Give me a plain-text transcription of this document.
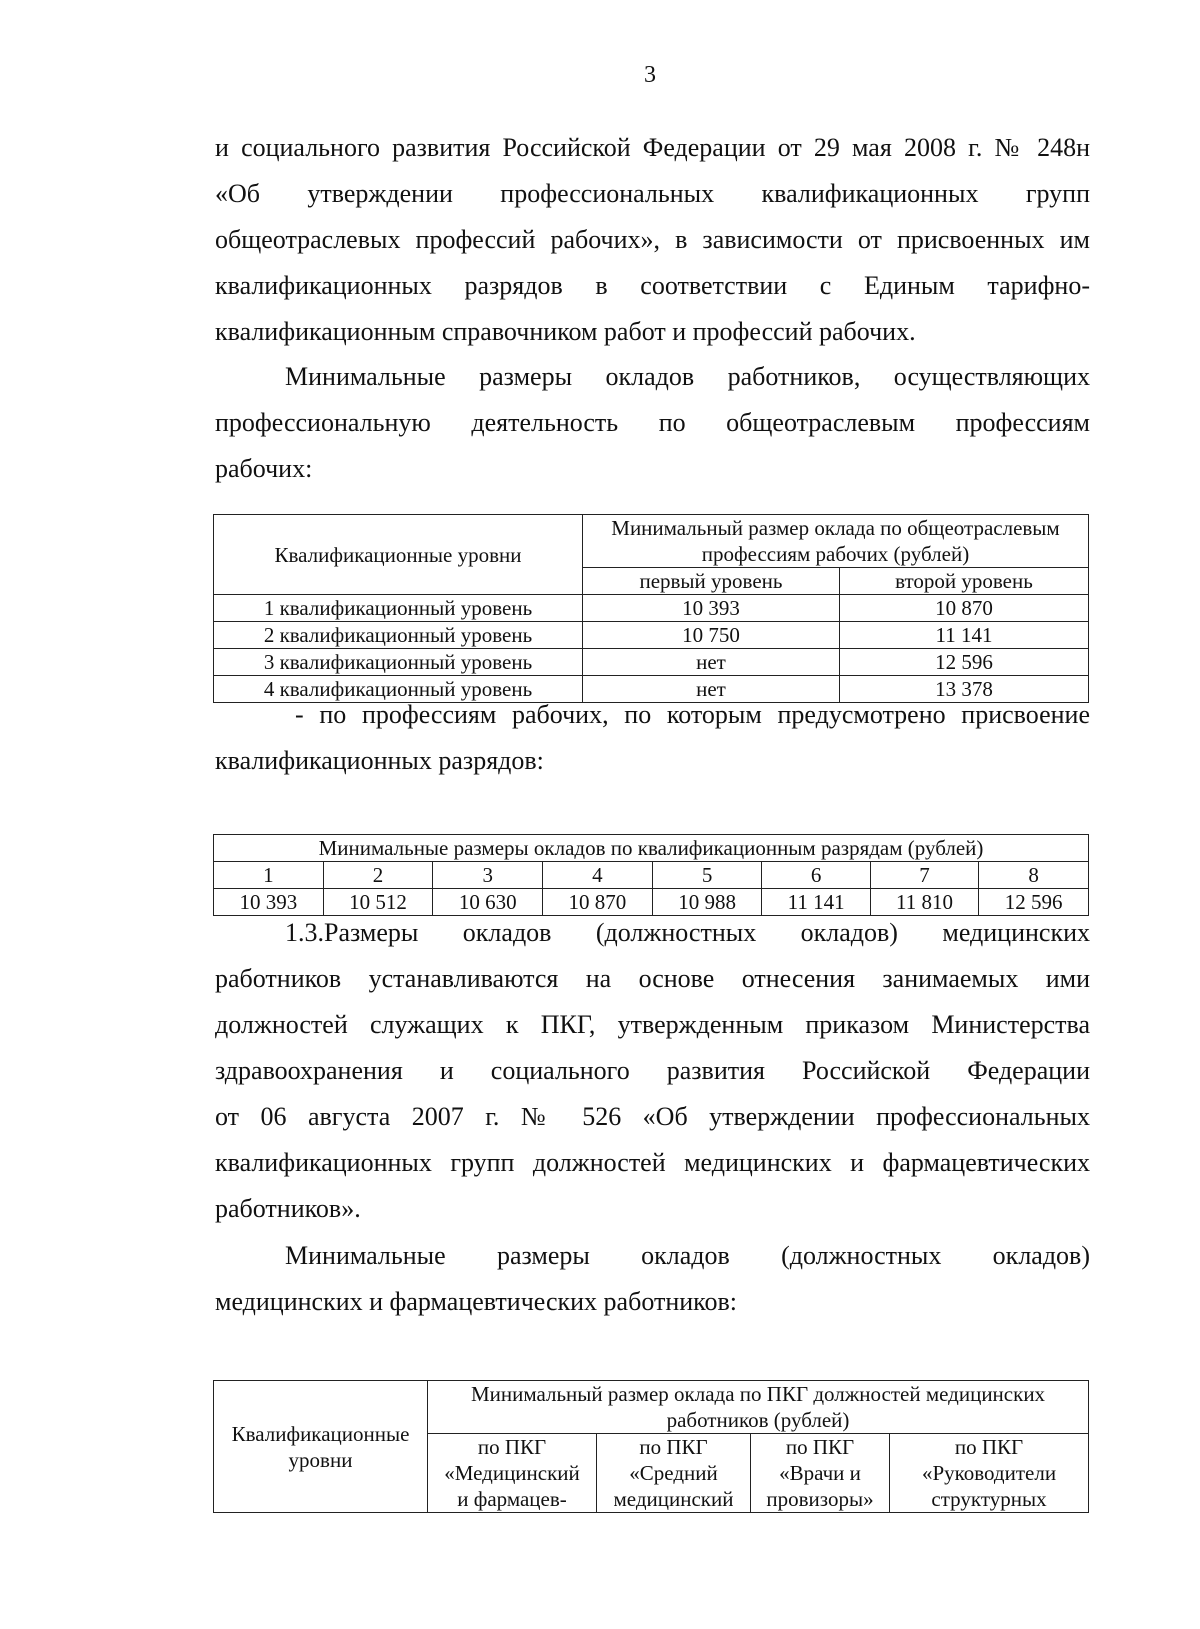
3
и социального развития Российской Федерации от 29 мая 2008 г. № 248н
«Об утверждении профессиональных квалификационных групп
общеотраслевых профессий рабочих», в зависимости от присвоенных им
квалификационных разрядов в соответствии с Единым тарифно-
квалификационным справочником работ и профессий рабочих.
Минимальные размеры окладов работников, осуществляющих
профессиональную деятельность по общеотраслевым профессиям
рабочих:
Квалификационные уровни	Минимальный размер оклада по общеотраслевым профессиям рабочих (рублей)	
	первый уровень	второй уровень
1 квалификационный уровень	10 393	10 870
2 квалификационный уровень	10 750	11 141
3 квалификационный уровень	нет	12 596
4 квалификационный уровень	нет	13 378
- по профессиям рабочих, по которым предусмотрено присвоение
квалификационных разрядов:
Минимальные размеры окладов по квалификационным разрядам (рублей)							
1	2	3	4	5	6	7	8
10 393	10 512	10 630	10 870	10 988	11 141	11 810	12 596
1.3.Размеры окладов (должностных окладов) медицинских
работников устанавливаются на основе отнесения занимаемых ими
должностей служащих к ПКГ, утвержденным приказом Министерства
здравоохранения и социального развития Российской Федерации
от 06 августа 2007 г. № 526 «Об утверждении профессиональных
квалификационных групп должностей медицинских и фармацевтических
работников».
Минимальные размеры окладов (должностных окладов)
медицинских и фармацевтических работников:
Квалификационные уровни	Минимальный размер оклада по ПКГ должностей медицинских работников (рублей)			
	по ПКГ	по ПКГ	по ПКГ	по ПКГ
	«Медицинский	«Средний	«Врачи и	«Руководители
	и фармацев-	медицинский	провизоры»	структурных
